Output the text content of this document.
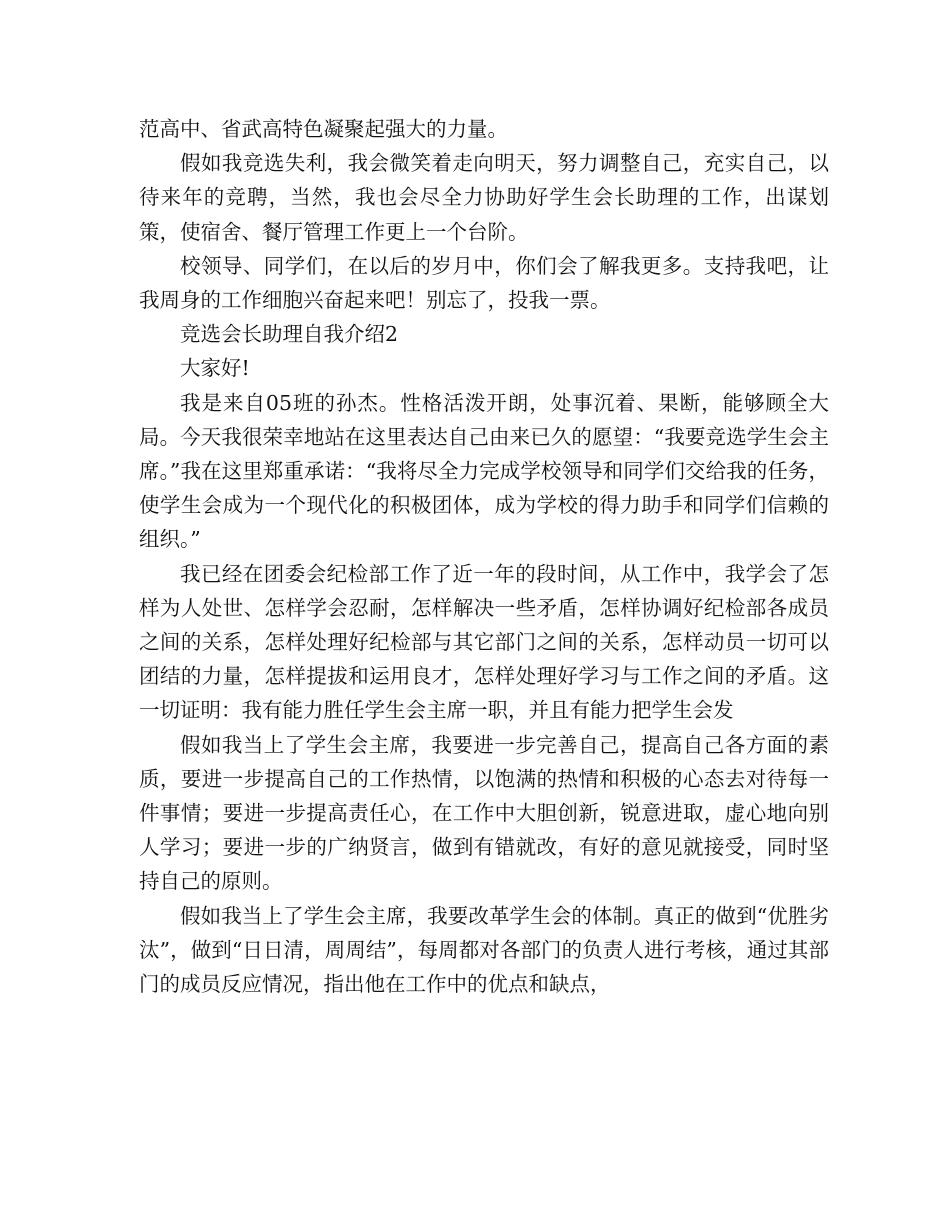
范高中、省武高特色凝聚起强大的力量。

假如我竞选失利，我会微笑着走向明天，努力调整自己，充实自己，以待来年的竞聘，当然，我也会尽全力协助好学生会长助理的工作，出谋划策，使宿舍、餐厅管理工作更上一个台阶。

校领导、同学们，在以后的岁月中，你们会了解我更多。支持我吧，让我周身的工作细胞兴奋起来吧！别忘了，投我一票。

竞选会长助理自我介绍2

大家好!

我是来自05班的孙杰。性格活泼开朗，处事沉着、果断，能够顾全大局。今天我很荣幸地站在这里表达自己由来已久的愿望：“我要竞选学生会主席。”我在这里郑重承诺：“我将尽全力完成学校领导和同学们交给我的任务，使学生会成为一个现代化的积极团体，成为学校的得力助手和同学们信赖的组织。”

我已经在团委会纪检部工作了近一年的段时间，从工作中，我学会了怎样为人处世、怎样学会忍耐，怎样解决一些矛盾，怎样协调好纪检部各成员之间的关系，怎样处理好纪检部与其它部门之间的关系，怎样动员一切可以团结的力量，怎样提拔和运用良才，怎样处理好学习与工作之间的矛盾。这一切证明：我有能力胜任学生会主席一职，并且有能力把学生会发

假如我当上了学生会主席，我要进一步完善自己，提高自己各方面的素质，要进一步提高自己的工作热情，以饱满的热情和积极的心态去对待每一件事情；要进一步提高责任心，在工作中大胆创新，锐意进取，虚心地向别人学习；要进一步的广纳贤言，做到有错就改，有好的意见就接受，同时坚持自己的原则。

假如我当上了学生会主席，我要改革学生会的体制。真正的做到“优胜劣汰”，做到“日日清，周周结”，每周都对各部门的负责人进行考核，通过其部门的成员反应情况，指出他在工作中的优点和缺点，
